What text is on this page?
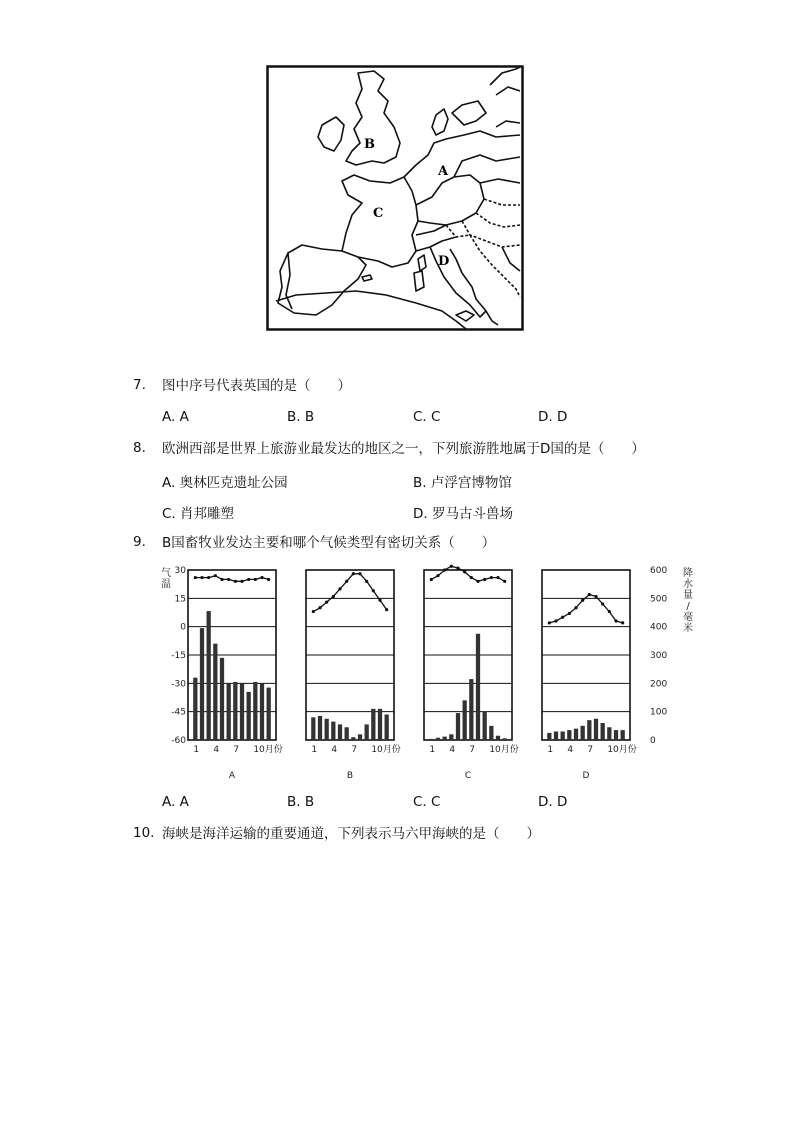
B
A
C
D
7. 图中序号代表英国的是（　　）
A. A	B. B	C. C	D. D
8. 欧洲西部是世界上旅游业最发达的地区之一，下列旅游胜地属于D国的是（　　）
A. 奥林匹克遗址公园	B. 卢浮宫博物馆
C. 肖邦雕塑	D. 罗马古斗兽场
9. B国畜牧业发达主要和哪个气候类型有密切关系（　　）
气
温
降
水
量
/
毫
米
30
15
0
-15
-30
-45
-60
600
500
400
300
200
100
0
1 4 7 10月份
A
1 4 7 10月份
B
1 4 7 10月份
C
1 4 7 10月份
D
A. A	B. B	C. C	D. D
10. 海峡是海洋运输的重要通道，下列表示马六甲海峡的是（　　）
